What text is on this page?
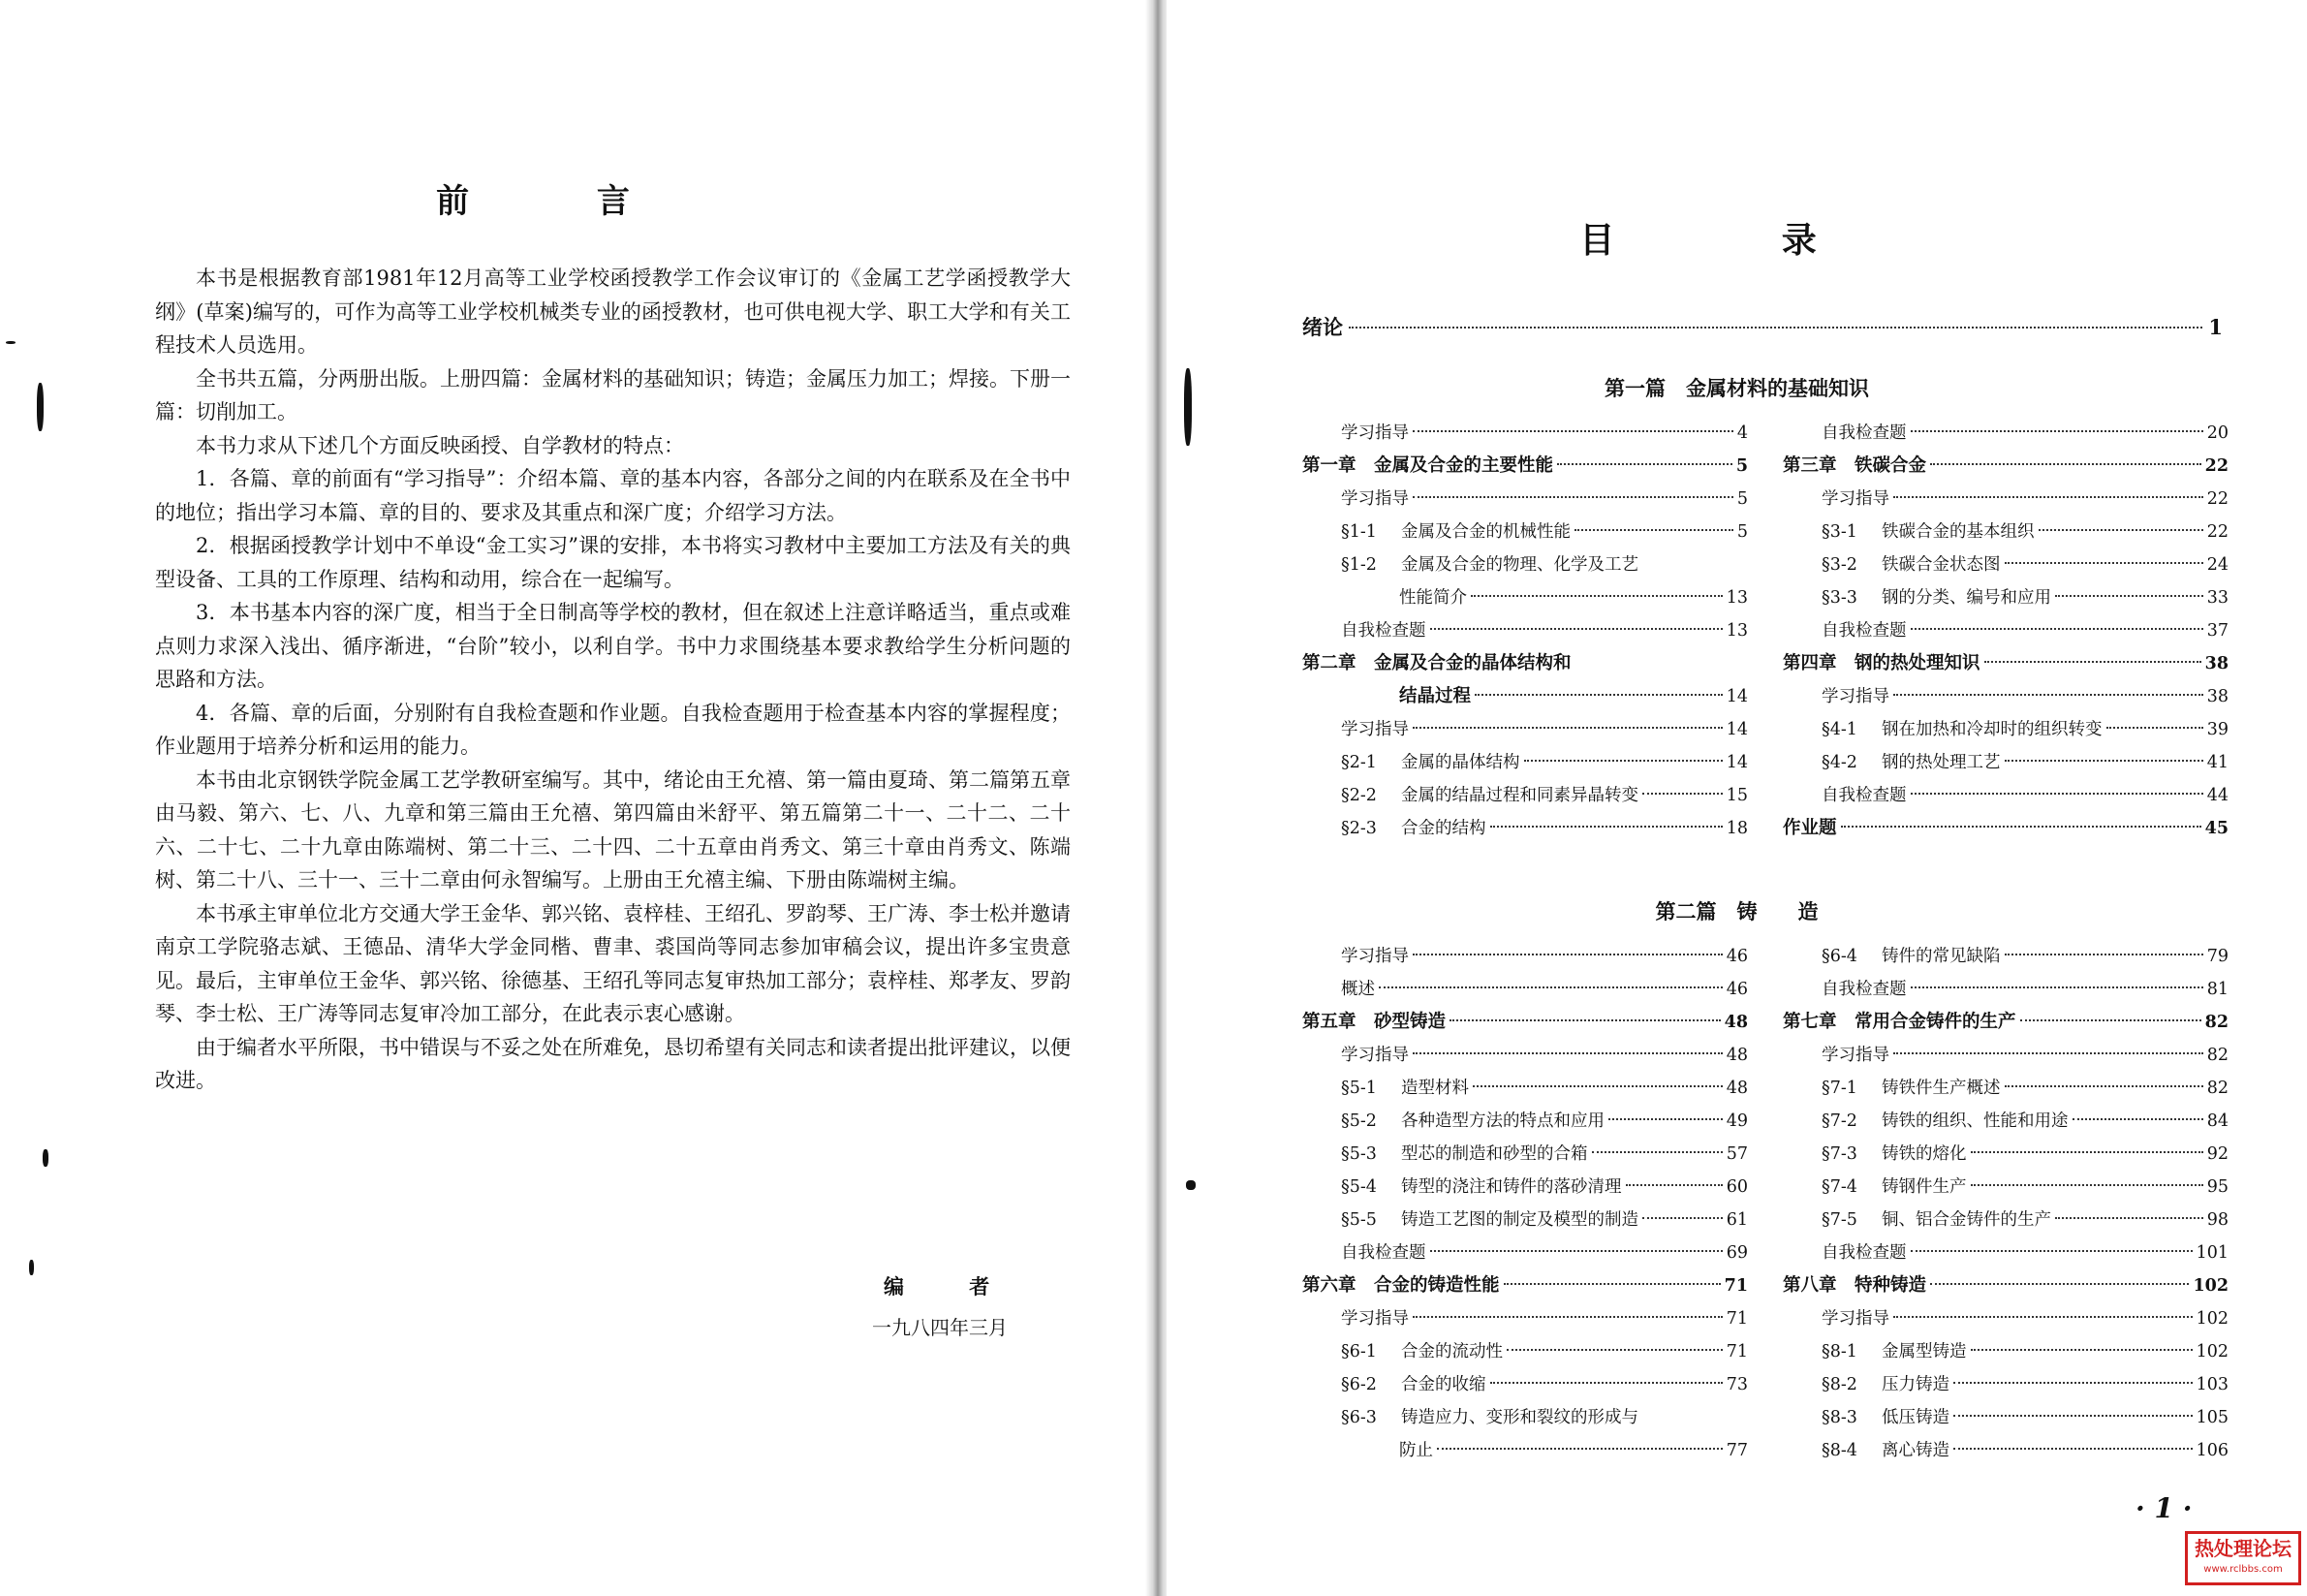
前 言

本书是根据教育部1981年12月高等工业学校函授教学工作会议审订的《金属工艺学函授教学大纲》(草案)编写的，可作为高等工业学校机械类专业的函授教材，也可供电视大学、职工大学和有关工程技术人员选用。

全书共五篇，分两册出版。上册四篇：金属材料的基础知识；铸造；金属压力加工；焊接。下册一篇：切削加工。

本书力求从下述几个方面反映函授、自学教材的特点：

1．各篇、章的前面有“学习指导”：介绍本篇、章的基本内容，各部分之间的内在联系及在全书中的地位；指出学习本篇、章的目的、要求及其重点和深广度；介绍学习方法。

2．根据函授教学计划中不单设“金工实习”课的安排，本书将实习教材中主要加工方法及有关的典型设备、工具的工作原理、结构和动用，综合在一起编写。

3．本书基本内容的深广度，相当于全日制高等学校的教材，但在叙述上注意详略适当，重点或难点则力求深入浅出、循序渐进，“台阶”较小，以利自学。书中力求围绕基本要求教给学生分析问题的思路和方法。

4．各篇、章的后面，分别附有自我检查题和作业题。自我检查题用于检查基本内容的掌握程度；作业题用于培养分析和运用的能力。

本书由北京钢铁学院金属工艺学教研室编写。其中，绪论由王允禧、第一篇由夏琦、第二篇第五章由马毅、第六、七、八、九章和第三篇由王允禧、第四篇由米舒平、第五篇第二十一、二十二、二十六、二十七、二十九章由陈端树、第二十三、二十四、二十五章由肖秀文、第三十章由肖秀文、陈端树、第二十八、三十一、三十二章由何永智编写。上册由王允禧主编、下册由陈端树主编。

本书承主审单位北方交通大学王金华、郭兴铭、袁梓桂、王绍孔、罗韵琴、王广涛、李士松并邀请南京工学院骆志斌、王德品、清华大学金同楷、曹聿、裘国尚等同志参加审稿会议，提出许多宝贵意见。最后，主审单位王金华、郭兴铭、徐德基、王绍孔等同志复审热加工部分；袁梓桂、郑孝友、罗韵琴、李士松、王广涛等同志复审冷加工部分，在此表示衷心感谢。

由于编者水平所限，书中错误与不妥之处在所难免，恳切希望有关同志和读者提出批评建议，以便改进。

编 者
一九八四年三月
目 录
绪论	1
第一篇　金属材料的基础知识
学习指导	4
第一章　金属及合金的主要性能	5
学习指导	5
§1-1 金属及合金的机械性能	5
§1-2 金属及合金的物理、化学及工艺
性能简介	13
自我检查题	13
第二章　金属及合金的晶体结构和
结晶过程	14
学习指导	14
§2-1 金属的晶体结构	14
§2-2 金属的结晶过程和同素异晶转变	15
§2-3 合金的结构	18
自我检查题	20
第三章　铁碳合金	22
学习指导	22
§3-1 铁碳合金的基本组织	22
§3-2 铁碳合金状态图	24
§3-3 钢的分类、编号和应用	33
自我检查题	37
第四章　钢的热处理知识	38
学习指导	38
§4-1 钢在加热和冷却时的组织转变	39
§4-2 钢的热处理工艺	41
自我检查题	44
作业题	45
第二篇　铸　　造
学习指导	46
概述	46
第五章　砂型铸造	48
学习指导	48
§5-1 造型材料	48
§5-2 各种造型方法的特点和应用	49
§5-3 型芯的制造和砂型的合箱	57
§5-4 铸型的浇注和铸件的落砂清理	60
§5-5 铸造工艺图的制定及模型的制造	61
自我检查题	69
第六章　合金的铸造性能	71
学习指导	71
§6-1 合金的流动性	71
§6-2 合金的收缩	73
§6-3 铸造应力、变形和裂纹的形成与
防止	77
§6-4 铸件的常见缺陷	79
自我检查题	81
第七章　常用合金铸件的生产	82
学习指导	82
§7-1 铸铁件生产概述	82
§7-2 铸铁的组织、性能和用途	84
§7-3 铸铁的熔化	92
§7-4 铸钢件生产	95
§7-5 铜、铝合金铸件的生产	98
自我检查题	101
第八章　特种铸造	102
学习指导	102
§8-1 金属型铸造	102
§8-2 压力铸造	103
§8-3 低压铸造	105
§8-4 离心铸造	106
· 1 ·
热处理论坛
www.rclbbs.com
